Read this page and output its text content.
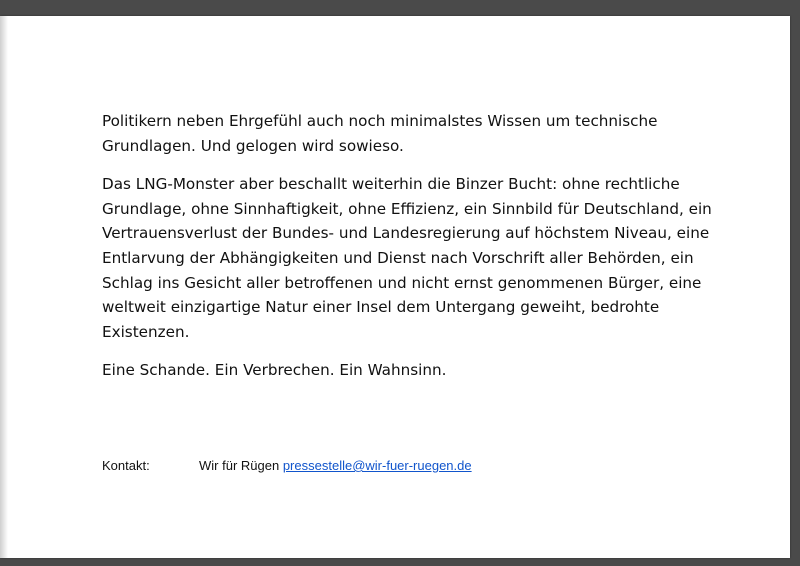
Politikern neben Ehrgefühl auch noch minimalstes Wissen um technische Grundlagen. Und gelogen wird sowieso.

Das LNG-Monster aber beschallt weiterhin die Binzer Bucht: ohne rechtliche Grundlage, ohne Sinnhaftigkeit, ohne Effizienz, ein Sinnbild für Deutschland, ein Vertrauensverlust der Bundes- und Landesregierung auf höchstem Niveau, eine Entlarvung der Abhängigkeiten und Dienst nach Vorschrift aller Behörden, ein Schlag ins Gesicht aller betroffenen und nicht ernst genommenen Bürger, eine weltweit einzigartige Natur einer Insel dem Untergang geweiht, bedrohte Existenzen.

Eine Schande. Ein Verbrechen. Ein Wahnsinn.

Kontakt:	Wir für Rügen pressestelle@wir-fuer-ruegen.de
